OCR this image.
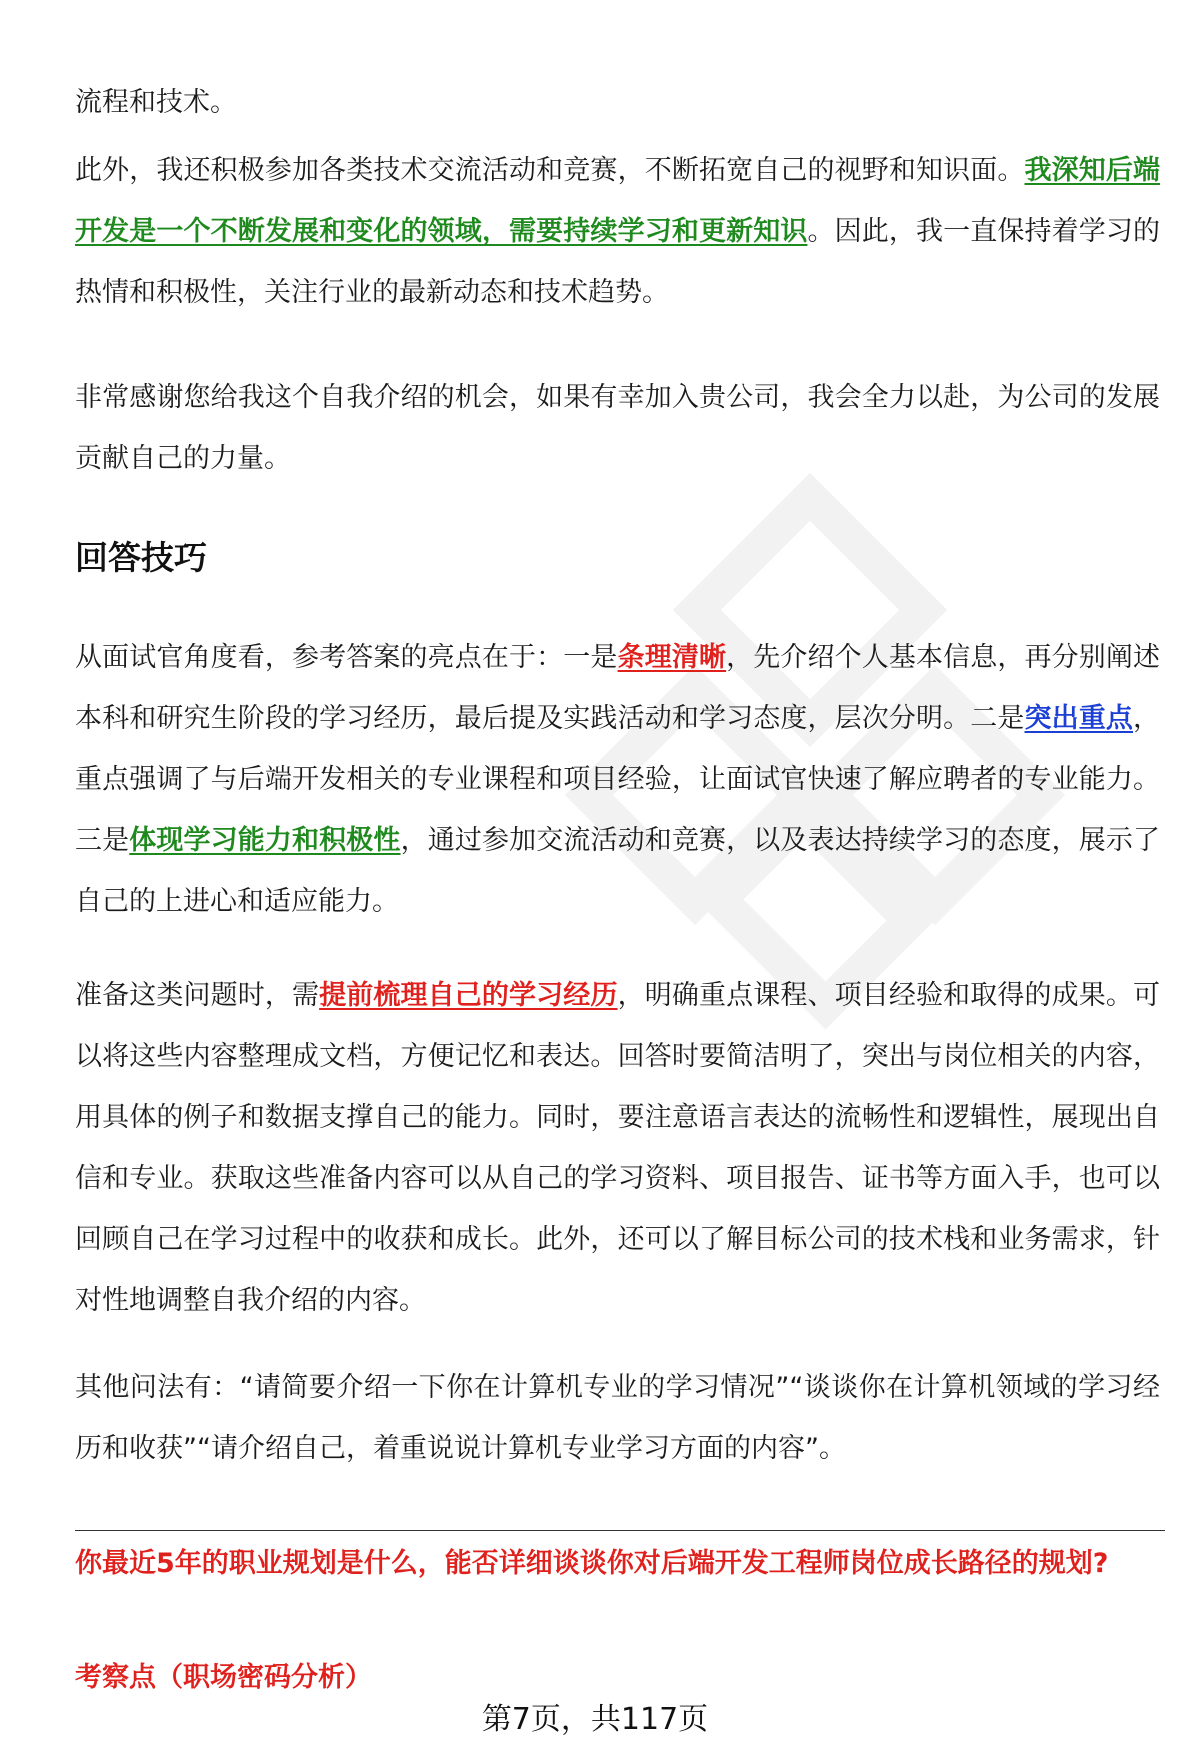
流程和技术。

此外，我还积极参加各类技术交流活动和竞赛，不断拓宽自己的视野和知识面。我深知后端开发是一个不断发展和变化的领域，需要持续学习和更新知识。因此，我一直保持着学习的热情和积极性，关注行业的最新动态和技术趋势。

非常感谢您给我这个自我介绍的机会，如果有幸加入贵公司，我会全力以赴，为公司的发展贡献自己的力量。

回答技巧

从面试官角度看，参考答案的亮点在于：一是条理清晰，先介绍个人基本信息，再分别阐述本科和研究生阶段的学习经历，最后提及实践活动和学习态度，层次分明。二是突出重点，重点强调了与后端开发相关的专业课程和项目经验，让面试官快速了解应聘者的专业能力。三是体现学习能力和积极性，通过参加交流活动和竞赛，以及表达持续学习的态度，展示了自己的上进心和适应能力。

准备这类问题时，需提前梳理自己的学习经历，明确重点课程、项目经验和取得的成果。可以将这些内容整理成文档，方便记忆和表达。回答时要简洁明了，突出与岗位相关的内容，用具体的例子和数据支撑自己的能力。同时，要注意语言表达的流畅性和逻辑性，展现出自信和专业。获取这些准备内容可以从自己的学习资料、项目报告、证书等方面入手，也可以回顾自己在学习过程中的收获和成长。此外，还可以了解目标公司的技术栈和业务需求，针对性地调整自我介绍的内容。

其他问法有：“请简要介绍一下你在计算机专业的学习情况”“谈谈你在计算机领域的学习经历和收获”“请介绍自己，着重说说计算机专业学习方面的内容”。

你最近5年的职业规划是什么，能否详细谈谈你对后端开发工程师岗位成长路径的规划?
考察点（职场密码分析）
第7页，共117页
